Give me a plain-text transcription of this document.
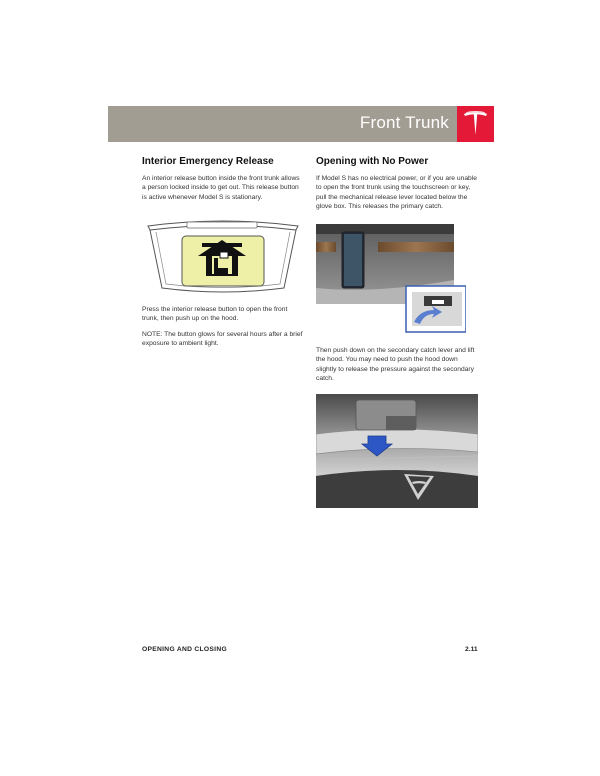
Front Trunk
Interior Emergency Release

An interior release button inside the front trunk allows a person locked inside to get out. This release button is active whenever Model S is stationary.

Press the interior release button to open the front trunk, then push up on the hood.

NOTE: The button glows for several hours after a brief exposure to ambient light.

Opening with No Power

If Model S has no electrical power, or if you are unable to open the front trunk using the touchscreen or key, pull the mechanical release lever located below the glove box. This releases the primary catch.

Then push down on the secondary catch lever and lift the hood. You may need to push the hood down slightly to release the pressure against the secondary catch.

OPENING AND CLOSING	2.11
